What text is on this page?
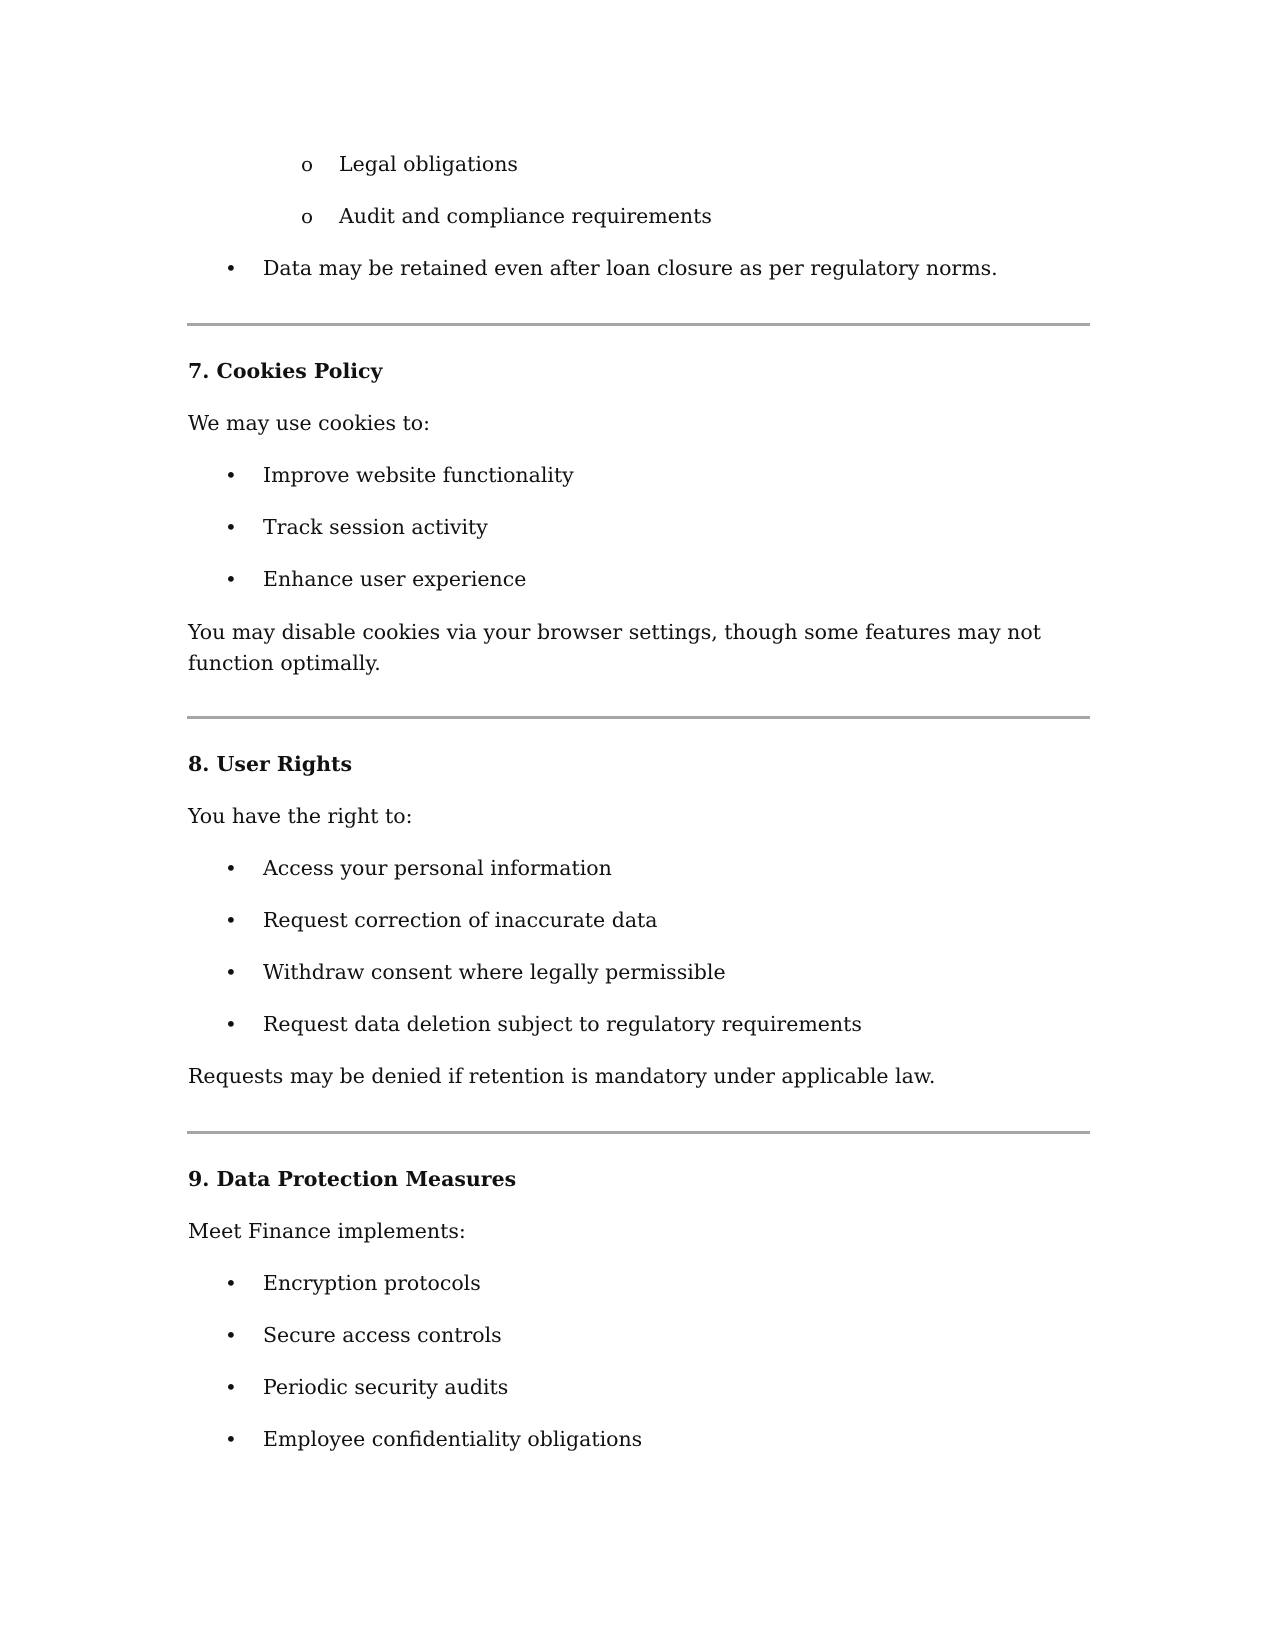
o Legal obligations
o Audit and compliance requirements
• Data may be retained even after loan closure as per regulatory norms.
7. Cookies Policy
We may use cookies to:
• Improve website functionality
• Track session activity
• Enhance user experience
You may disable cookies via your browser settings, though some features may not function optimally.
8. User Rights
You have the right to:
• Access your personal information
• Request correction of inaccurate data
• Withdraw consent where legally permissible
• Request data deletion subject to regulatory requirements
Requests may be denied if retention is mandatory under applicable law.
9. Data Protection Measures
Meet Finance implements:
• Encryption protocols
• Secure access controls
• Periodic security audits
• Employee confidentiality obligations
